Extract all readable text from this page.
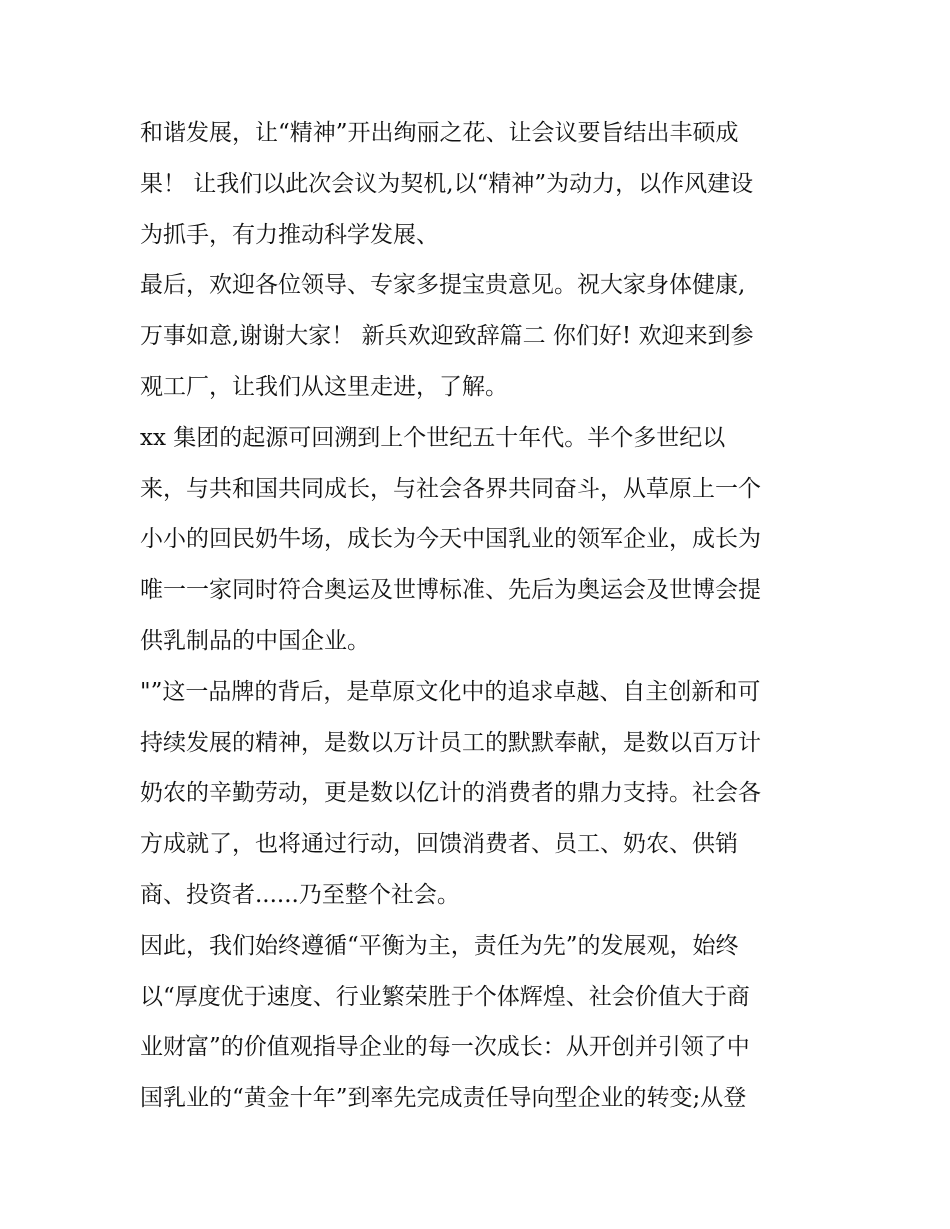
和谐发展，让“精神”开出绚丽之花、让会议要旨结出丰硕成
果！ 让我们以此次会议为契机,以“精神”为动力，以作风建设
为抓手，有力推动科学发展、
最后，欢迎各位领导、专家多提宝贵意见。祝大家身体健康,
万事如意,谢谢大家！ 新兵欢迎致辞篇二 你们好! 欢迎来到参
观工厂，让我们从这里走进，了解。
xx 集团的起源可回溯到上个世纪五十年代。半个多世纪以
来，与共和国共同成长，与社会各界共同奋斗，从草原上一个
小小的回民奶牛场，成长为今天中国乳业的领军企业，成长为
唯一一家同时符合奥运及世博标准、先后为奥运会及世博会提
供乳制品的中国企业。
"”这一品牌的背后，是草原文化中的追求卓越、自主创新和可
持续发展的精神，是数以万计员工的默默奉献，是数以百万计
奶农的辛勤劳动，更是数以亿计的消费者的鼎力支持。社会各
方成就了，也将通过行动，回馈消费者、员工、奶农、供销
商、投资者......乃至整个社会。
因此，我们始终遵循“平衡为主，责任为先”的发展观，始终
以“厚度优于速度、行业繁荣胜于个体辉煌、社会价值大于商
业财富”的价值观指导企业的每一次成长：从开创并引领了中
国乳业的“黄金十年”到率先完成责任导向型企业的转变;从登
